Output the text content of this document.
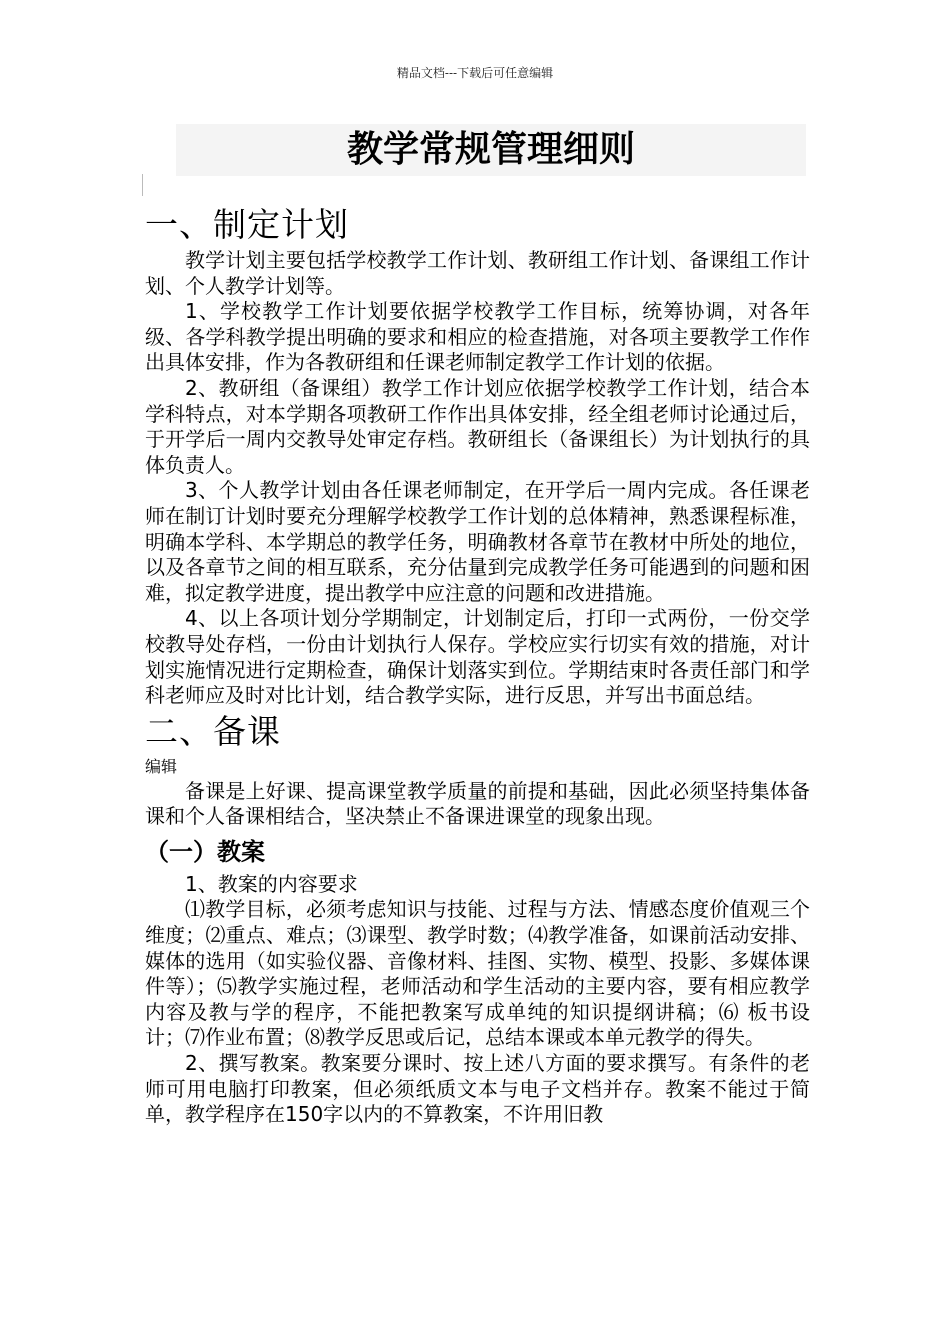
精品文档---下载后可任意编辑
教学常规管理细则
一、制定计划

教学计划主要包括学校教学工作计划、教研组工作计划、备课组工作计划、个人教学计划等。

1、学校教学工作计划要依据学校教学工作目标，统筹协调，对各年级、各学科教学提出明确的要求和相应的检查措施，对各项主要教学工作作出具体安排，作为各教研组和任课老师制定教学工作计划的依据。

2、教研组（备课组）教学工作计划应依据学校教学工作计划，结合本学科特点，对本学期各项教研工作作出具体安排，经全组老师讨论通过后，于开学后一周内交教导处审定存档。教研组长（备课组长）为计划执行的具体负责人。

3、个人教学计划由各任课老师制定，在开学后一周内完成。各任课老师在制订计划时要充分理解学校教学工作计划的总体精神，熟悉课程标准，明确本学科、本学期总的教学任务，明确教材各章节在教材中所处的地位，以及各章节之间的相互联系，充分估量到完成教学任务可能遇到的问题和困难，拟定教学进度，提出教学中应注意的问题和改进措施。

4、以上各项计划分学期制定，计划制定后，打印一式两份，一份交学校教导处存档，一份由计划执行人保存。学校应实行切实有效的措施，对计划实施情况进行定期检查，确保计划落实到位。学期结束时各责任部门和学科老师应及时对比计划，结合教学实际，进行反思，并写出书面总结。

二、备课
编辑

备课是上好课、提高课堂教学质量的前提和基础，因此必须坚持集体备课和个人备课相结合，坚决禁止不备课进课堂的现象出现。

（一）教案

1、教案的内容要求

⑴教学目标，必须考虑知识与技能、过程与方法、情感态度价值观三个维度；⑵重点、难点；⑶课型、教学时数；⑷教学准备，如课前活动安排、媒体的选用（如实验仪器、音像材料、挂图、实物、模型、投影、多媒体课件等）；⑸教学实施过程，老师活动和学生活动的主要内容，要有相应教学内容及教与学的程序，不能把教案写成单纯的知识提纲讲稿；⑹ 板书设计；⑺作业布置；⑻教学反思或后记，总结本课或本单元教学的得失。

2、撰写教案。教案要分课时、按上述八方面的要求撰写。有条件的老师可用电脑打印教案，但必须纸质文本与电子文档并存。教案不能过于简单，教学程序在150字以内的不算教案，不许用旧教
